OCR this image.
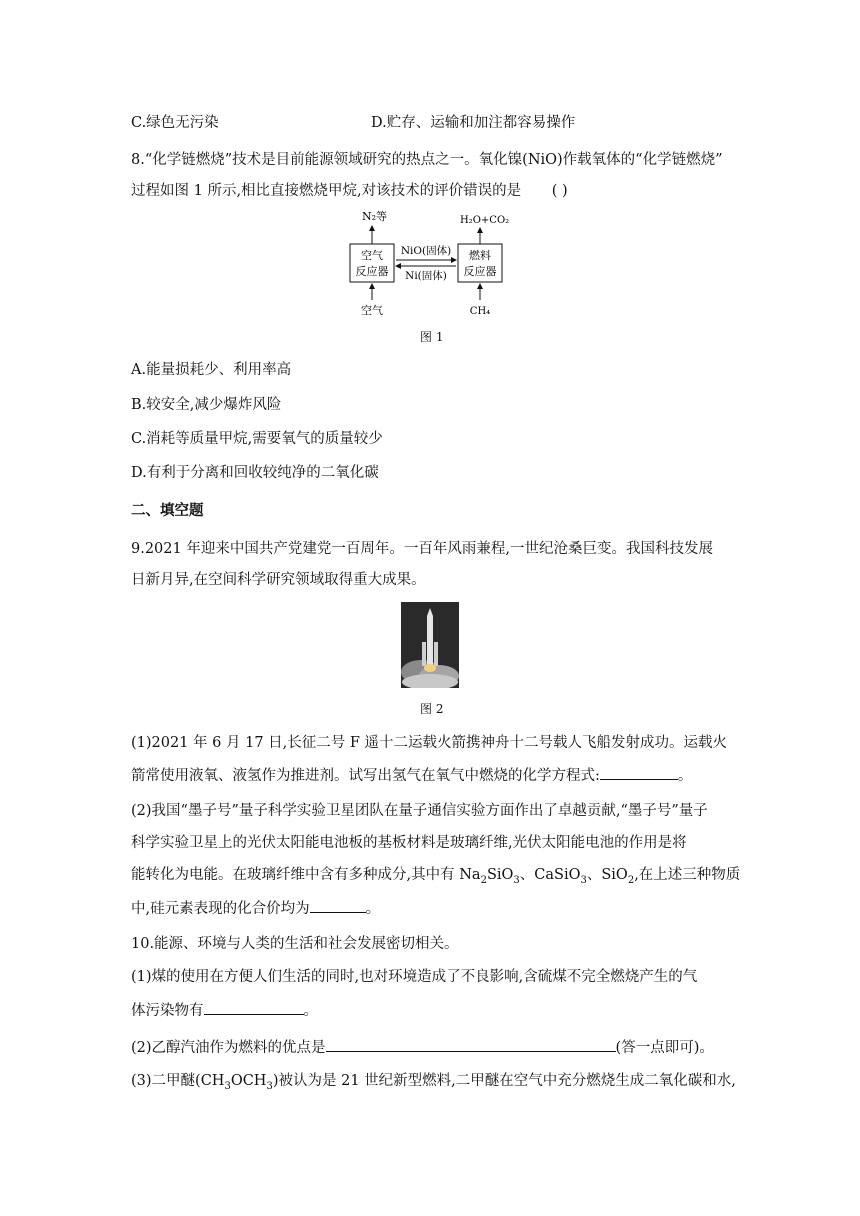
C.绿色无污染	D.贮存、运输和加注都容易操作
8.“化学链燃烧”技术是目前能源领域研究的热点之一。氧化镍(NiO)作载氧体的“化学链燃烧”
过程如图 1 所示,相比直接燃烧甲烷,对该技术的评价错误的是 ( )
N₂等	H₂O+CO₂
空气
反应器
燃料
反应器
NiO(固体)
Ni(固体)
空气	CH₄
图 1
A.能量损耗少、利用率高
B.较安全,减少爆炸风险
C.消耗等质量甲烷,需要氧气的质量较少
D.有利于分离和回收较纯净的二氧化碳
二、填空题
9.2021 年迎来中国共产党建党一百周年。一百年风雨兼程,一世纪沧桑巨变。我国科技发展
日新月异,在空间科学研究领域取得重大成果。
图 2
(1)2021 年 6 月 17 日,长征二号 F 遥十二运载火箭携神舟十二号载人飞船发射成功。运载火
箭常使用液氧、液氢作为推进剂。试写出氢气在氧气中燃烧的化学方程式:	。
(2)我国“墨子号”量子科学实验卫星团队在量子通信实验方面作出了卓越贡献,“墨子号”量子
科学实验卫星上的光伏太阳能电池板的基板材料是玻璃纤维,光伏太阳能电池的作用是将
能转化为电能。在玻璃纤维中含有多种成分,其中有 $Na_2SiO_3$、CaSiO$_3$、SiO$_2$,在上述三种物质
中,硅元素表现的化合价均为	。
10.能源、环境与人类的生活和社会发展密切相关。
(1)煤的使用在方便人们生活的同时,也对环境造成了不良影响,含硫煤不完全燃烧产生的气
体污染物有	。
(2)乙醇汽油作为燃料的优点是	(答一点即可)。
(3)二甲醚$(CH_3OCH_3)$被认为是 21 世纪新型燃料,二甲醚在空气中充分燃烧生成二氧化碳和水,
